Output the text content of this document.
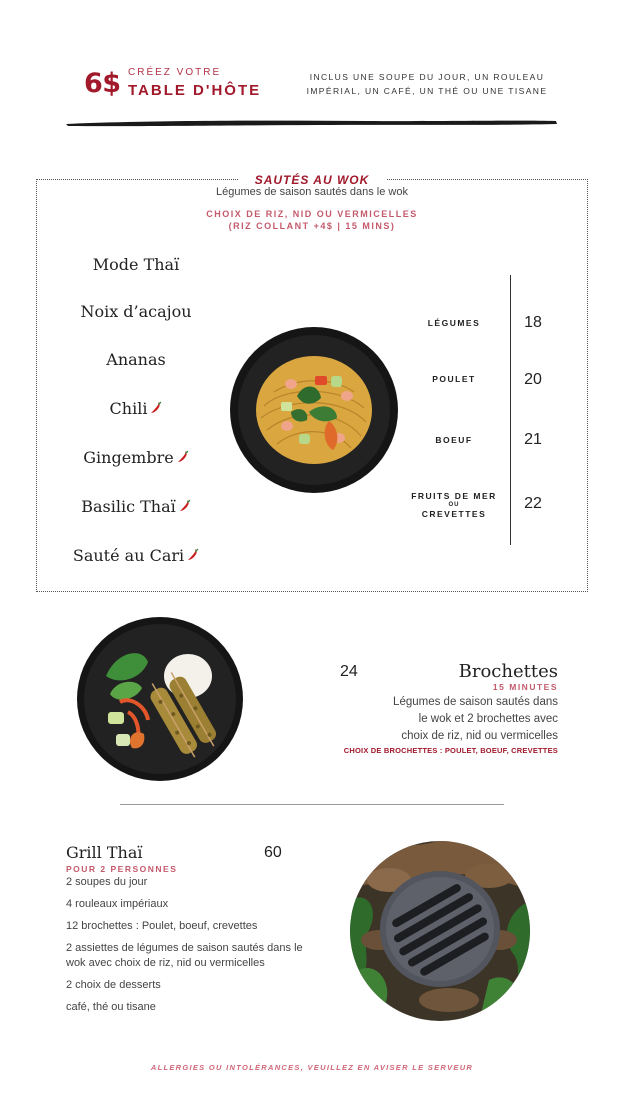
6$ CRÉEZ VOTRE
TABLE D'HÔTE
INCLUS UNE SOUPE DU JOUR, UN ROULEAU IMPÉRIAL, UN CAFÉ, UN THÉ OU UNE TISANE
SAUTÉS AU WOK
Légumes de saison sautés dans le wok
CHOIX DE RIZ, NID OU VERMICELLES
(RIZ COLLANT +4$ | 15 MINS)
Mode Thaï
Noix d’acajou
Ananas
Chili
Gingembre
Basilic Thaï
Sauté au Cari
LÉGUMES	18
POULET	20
BOEUF	21
FRUITS DE MER
OU
CREVETTES
22
24	Brochettes
15 MINUTES
Légumes de saison sautés dans
le wok et 2 brochettes avec
choix de riz, nid ou vermicelles
CHOIX DE BROCHETTES : POULET, BOEUF, CREVETTES
Grill Thaï	60
POUR 2 PERSONNES
2 soupes du jour
4 rouleaux impériaux
12 brochettes : Poulet, boeuf, crevettes
2 assiettes de légumes de saison sautés dans le wok avec choix de riz, nid ou vermicelles
2 choix de desserts
café, thé ou tisane
ALLERGIES OU INTOLÉRANCES, VEUILLEZ EN AVISER LE SERVEUR
